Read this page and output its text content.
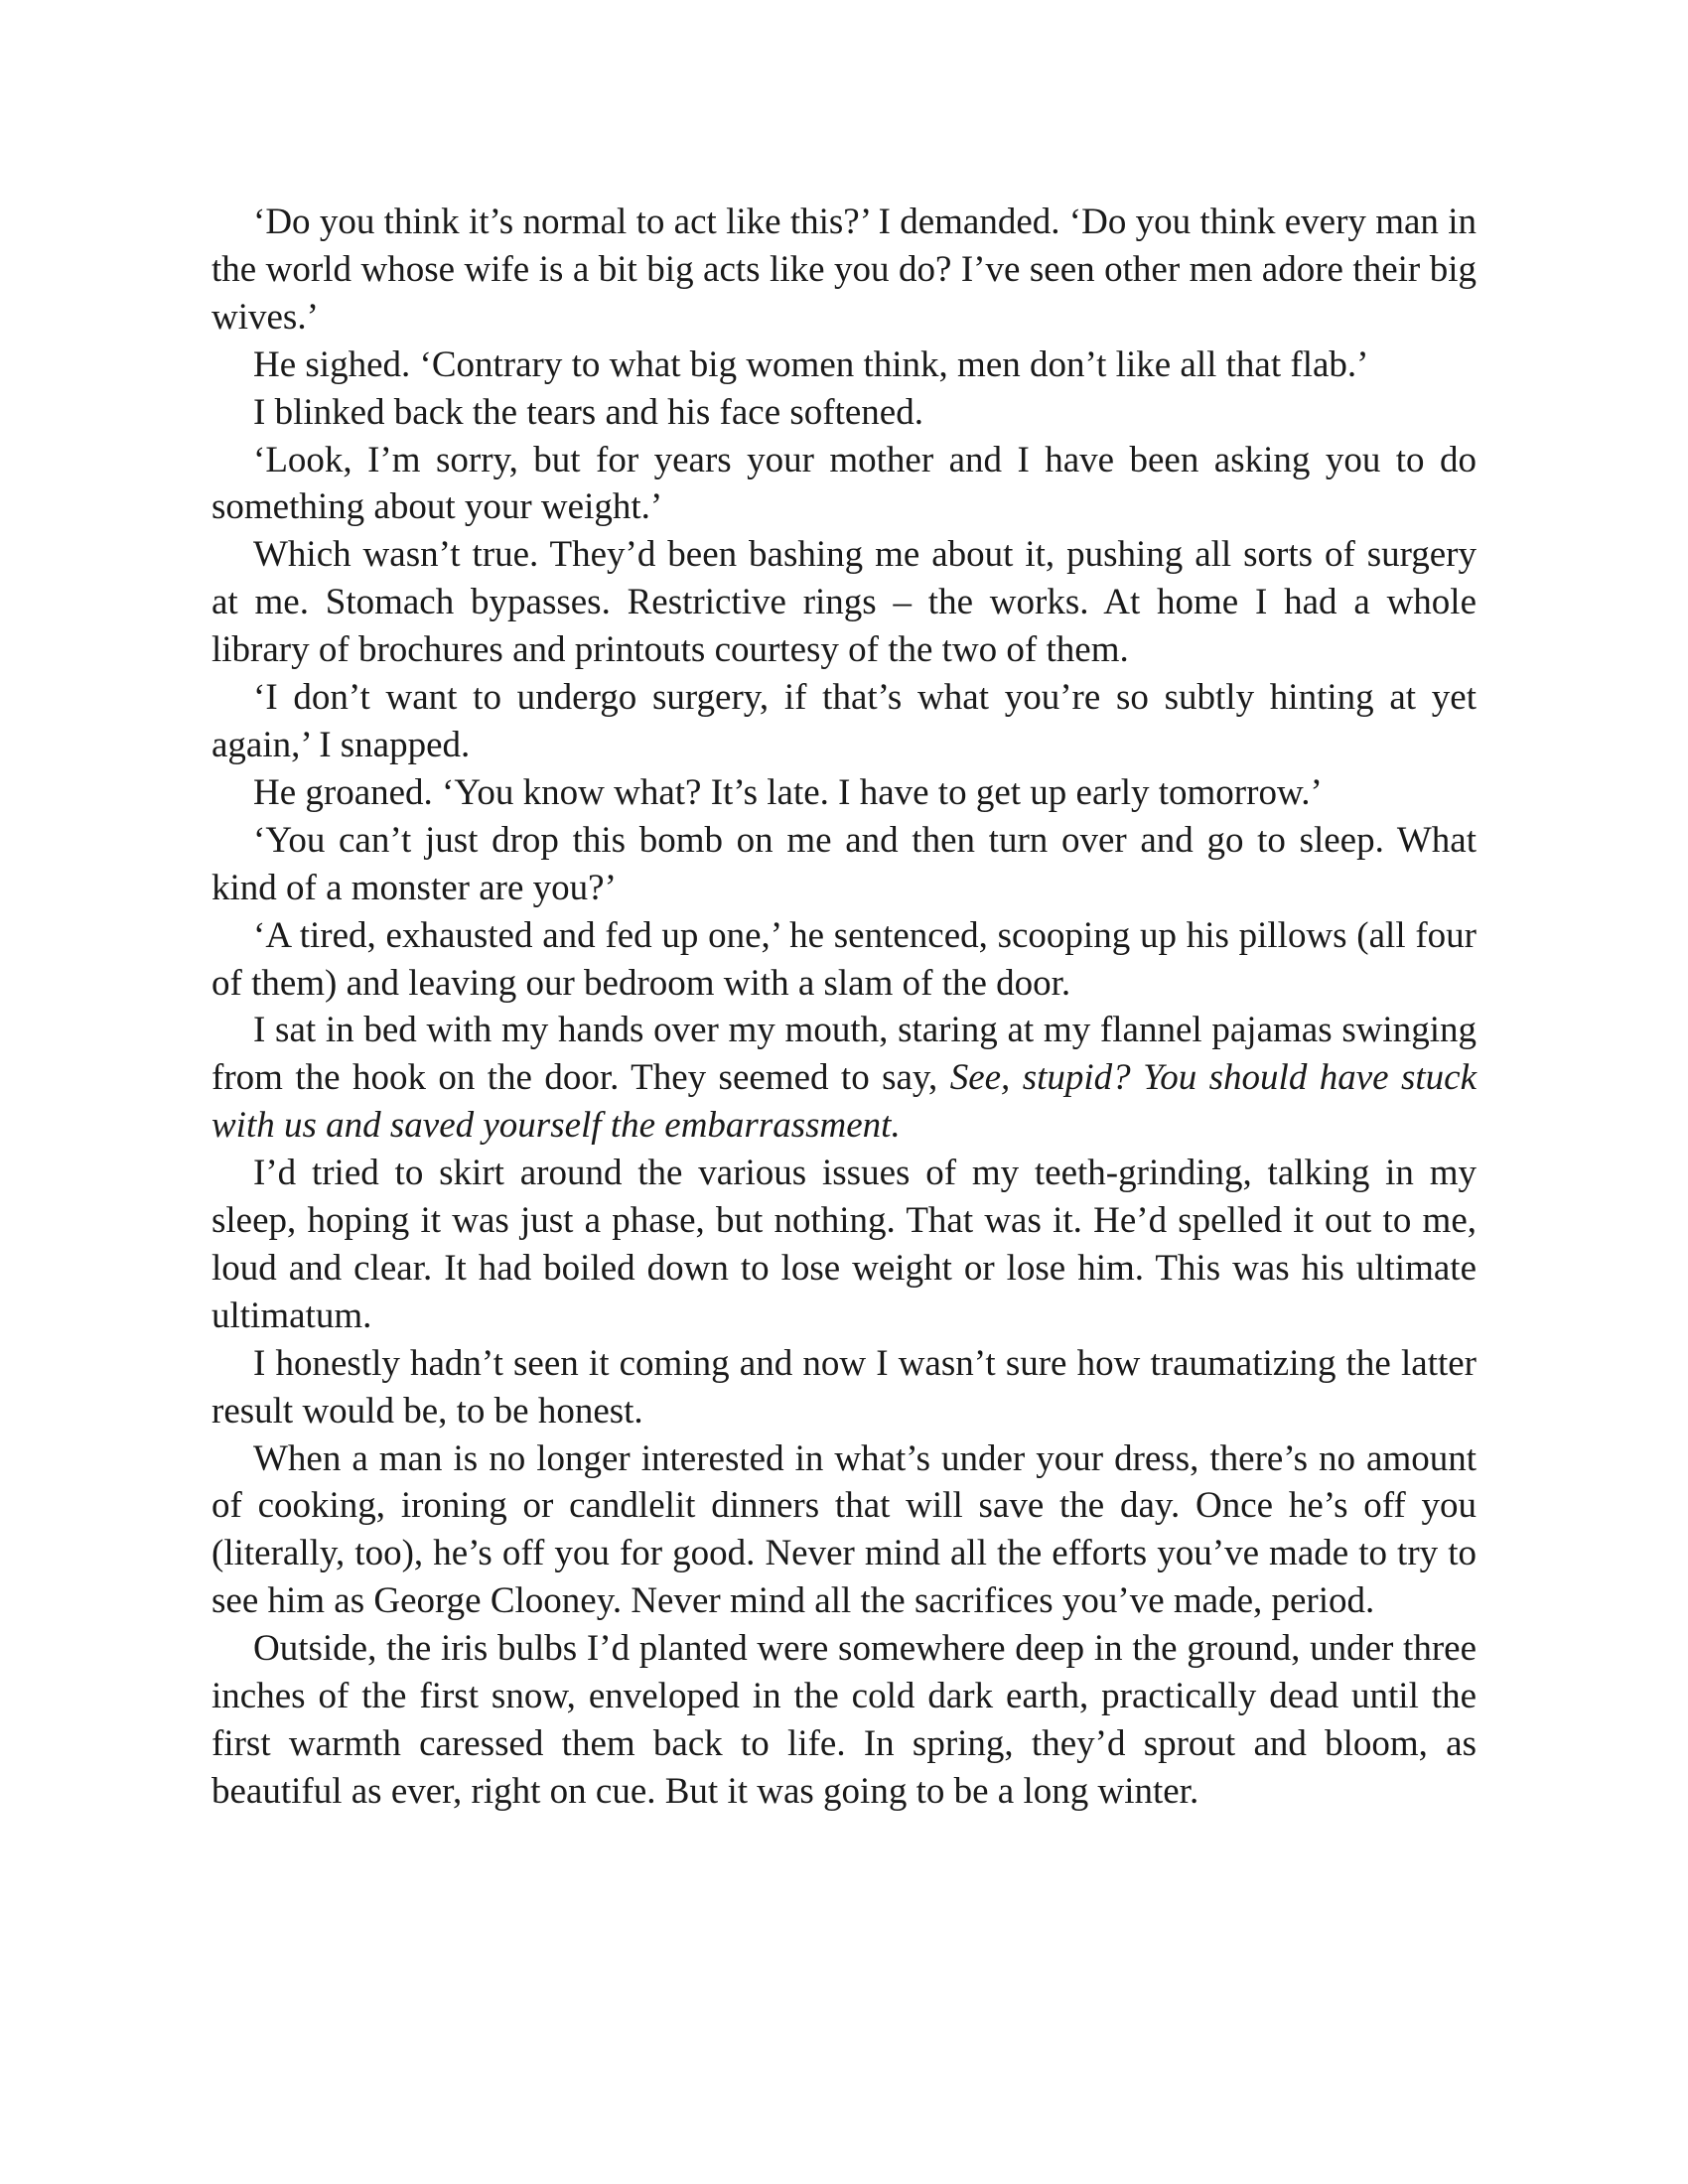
‘Do you think it’s normal to act like this?’ I demanded. ‘Do you think every man in the world whose wife is a bit big acts like you do? I’ve seen other men adore their big wives.’

He sighed. ‘Contrary to what big women think, men don’t like all that flab.’

I blinked back the tears and his face softened.

‘Look, I’m sorry, but for years your mother and I have been asking you to do something about your weight.’

Which wasn’t true. They’d been bashing me about it, pushing all sorts of surgery at me. Stomach bypasses. Restrictive rings – the works. At home I had a whole library of brochures and printouts courtesy of the two of them.

‘I don’t want to undergo surgery, if that’s what you’re so subtly hinting at yet again,’ I snapped.

He groaned. ‘You know what? It’s late. I have to get up early tomorrow.’

‘You can’t just drop this bomb on me and then turn over and go to sleep. What kind of a monster are you?’

‘A tired, exhausted and fed up one,’ he sentenced, scooping up his pillows (all four of them) and leaving our bedroom with a slam of the door.

I sat in bed with my hands over my mouth, staring at my flannel pajamas swinging from the hook on the door. They seemed to say, See, stupid? You should have stuck with us and saved yourself the embarrassment.

I’d tried to skirt around the various issues of my teeth-grinding, talking in my sleep, hoping it was just a phase, but nothing. That was it. He’d spelled it out to me, loud and clear. It had boiled down to lose weight or lose him. This was his ultimate ultimatum.

I honestly hadn’t seen it coming and now I wasn’t sure how traumatizing the latter result would be, to be honest.

When a man is no longer interested in what’s under your dress, there’s no amount of cooking, ironing or candlelit dinners that will save the day. Once he’s off you (literally, too), he’s off you for good. Never mind all the efforts you’ve made to try to see him as George Clooney. Never mind all the sacrifices you’ve made, period.

Outside, the iris bulbs I’d planted were somewhere deep in the ground, under three inches of the first snow, enveloped in the cold dark earth, practically dead until the first warmth caressed them back to life. In spring, they’d sprout and bloom, as beautiful as ever, right on cue. But it was going to be a long winter.
